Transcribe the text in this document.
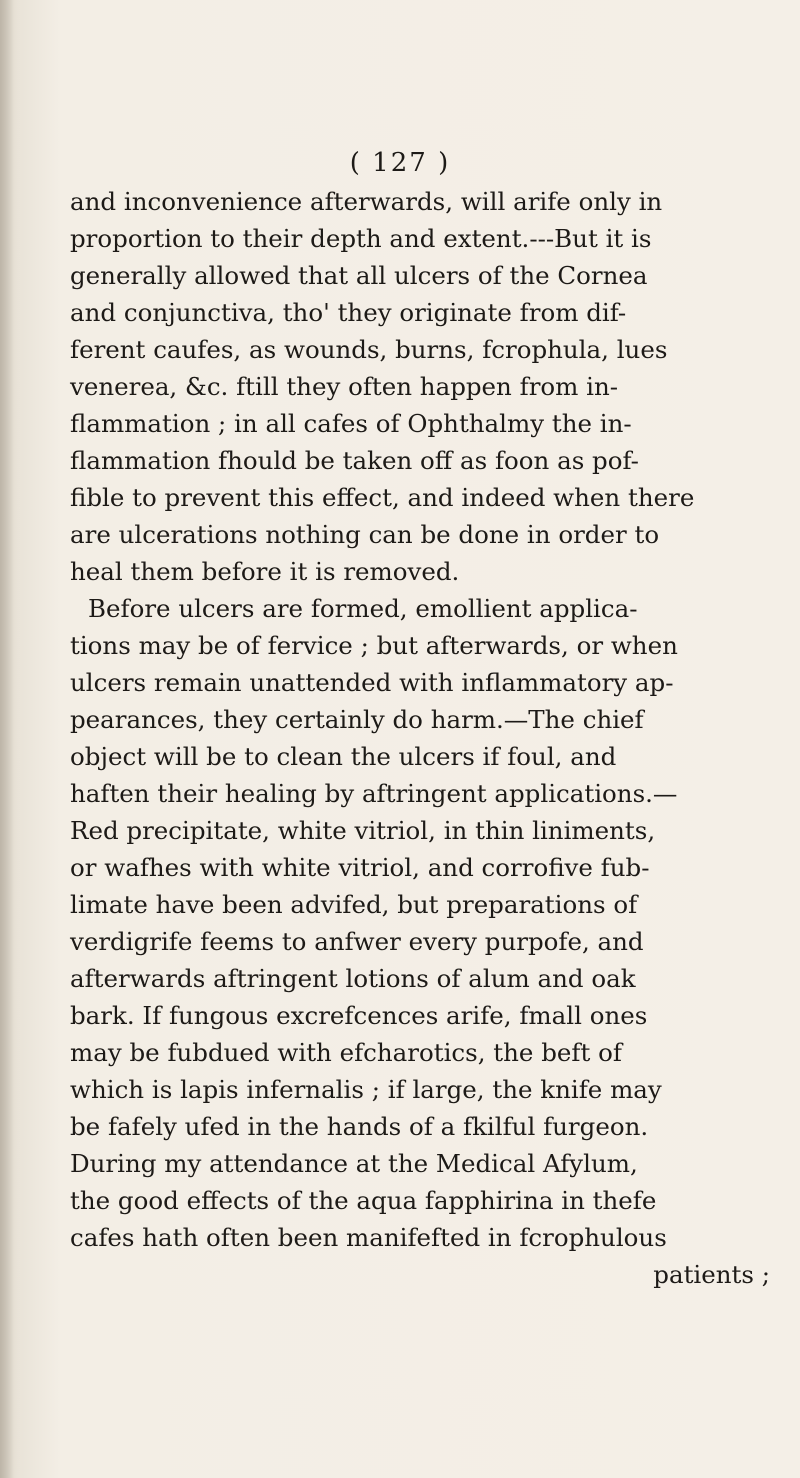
( 127 )
and inconvenience afterwards, will arife only in
proportion to their depth and extent.---But it is
generally allowed that all ulcers of the Cornea
and conjunctiva, tho' they originate from dif-
ferent caufes, as wounds, burns, fcrophula, lues
venerea, &c. ftill they often happen from in-
flammation ; in all cafes of Ophthalmy the in-
flammation fhould be taken off as foon as pof-
fible to prevent this effect, and indeed when there
are ulcerations nothing can be done in order to
heal them before it is removed.
Before ulcers are formed, emollient applica-
tions may be of fervice ; but afterwards, or when
ulcers remain unattended with inflammatory ap-
pearances, they certainly do harm.—The chief
object will be to clean the ulcers if foul, and
haften their healing by aftringent applications.—
Red precipitate, white vitriol, in thin liniments,
or wafhes with white vitriol, and corrofive fub-
limate have been advifed, but preparations of
verdigrife feems to anfwer every purpofe, and
afterwards aftringent lotions of alum and oak
bark. If fungous excrefcences arife, fmall ones
may be fubdued with efcharotics, the beft of
which is lapis infernalis ; if large, the knife may
be fafely ufed in the hands of a fkilful furgeon.
During my attendance at the Medical Afylum,
the good effects of the aqua fapphirina in thefe
cafes hath often been manifefted in fcrophulous
patients ;
